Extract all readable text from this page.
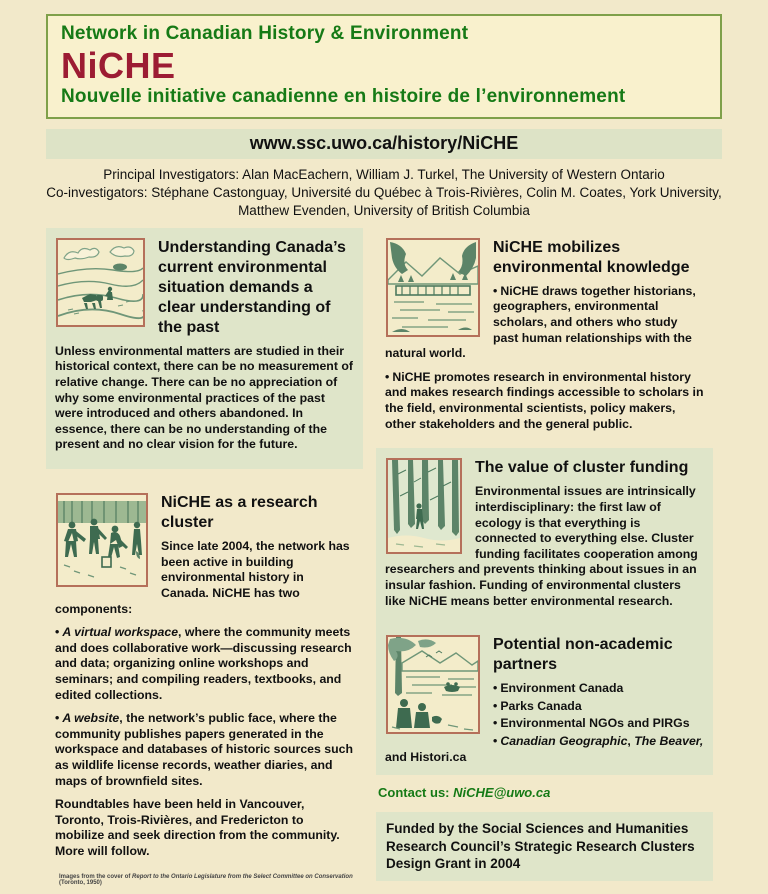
Network in Canadian History & Environment
NiCHE
Nouvelle initiative canadienne en histoire de l’environnement
www.ssc.uwo.ca/history/NiCHE
Principal Investigators: Alan MacEachern, William J. Turkel, The University of Western Ontario
Co-investigators: Stéphane Castonguay, Université du Québec à Trois-Rivières, Colin M. Coates, York University, Matthew Evenden, University of British Columbia
Understanding Canada’s current environmental situation demands a clear understanding of the past

Unless environmental matters are studied in their historical context, there can be no measurement of relative change. There can be no appreciation of why some environmental practices of the past were introduced and others abandoned. In essence, there can be no understanding of the present and no clear vision for the future.

NiCHE as a research cluster

Since late 2004, the network has been active in building environmental history in Canada. NiCHE has two components:

• A virtual workspace, where the community meets and does collaborative work—discussing research and data; organizing online workshops and seminars; and compiling readers, textbooks, and edited collections.

• A website, the network’s public face, where the community publishes papers generated in the workspace and databases of historic sources such as wildlife license records, weather diaries, and maps of brownfield sites.

Roundtables have been held in Vancouver, Toronto, Trois-Rivières, and Fredericton to mobilize and seek direction from the community. More will follow.

Images from the cover of Report to the Ontario Legislature from the Select Committee on Conservation (Toronto, 1950)
NiCHE mobilizes environmental knowledge

• NiCHE draws together historians, geographers, environmental scholars, and others who study past human relationships with the natural world.

• NiCHE promotes research in environmental history and makes research findings accessible to scholars in the field, environmental scientists, policy makers, other stakeholders and the general public.

The value of cluster funding

Environmental issues are intrinsically interdisciplinary: the first law of ecology is that everything is connected to everything else. Cluster funding facilitates cooperation among researchers and prevents thinking about issues in an insular fashion. Funding of environmental clusters like NiCHE means better environmental research.

Potential non-academic partners

• Environment Canada

• Parks Canada

• Environmental NGOs and PIRGs

• Canadian Geographic, The Beaver, and Histori.ca

Contact us: NiCHE@uwo.ca
Funded by the Social Sciences and Humanities Research Council’s Strategic Research Clusters Design Grant in 2004
